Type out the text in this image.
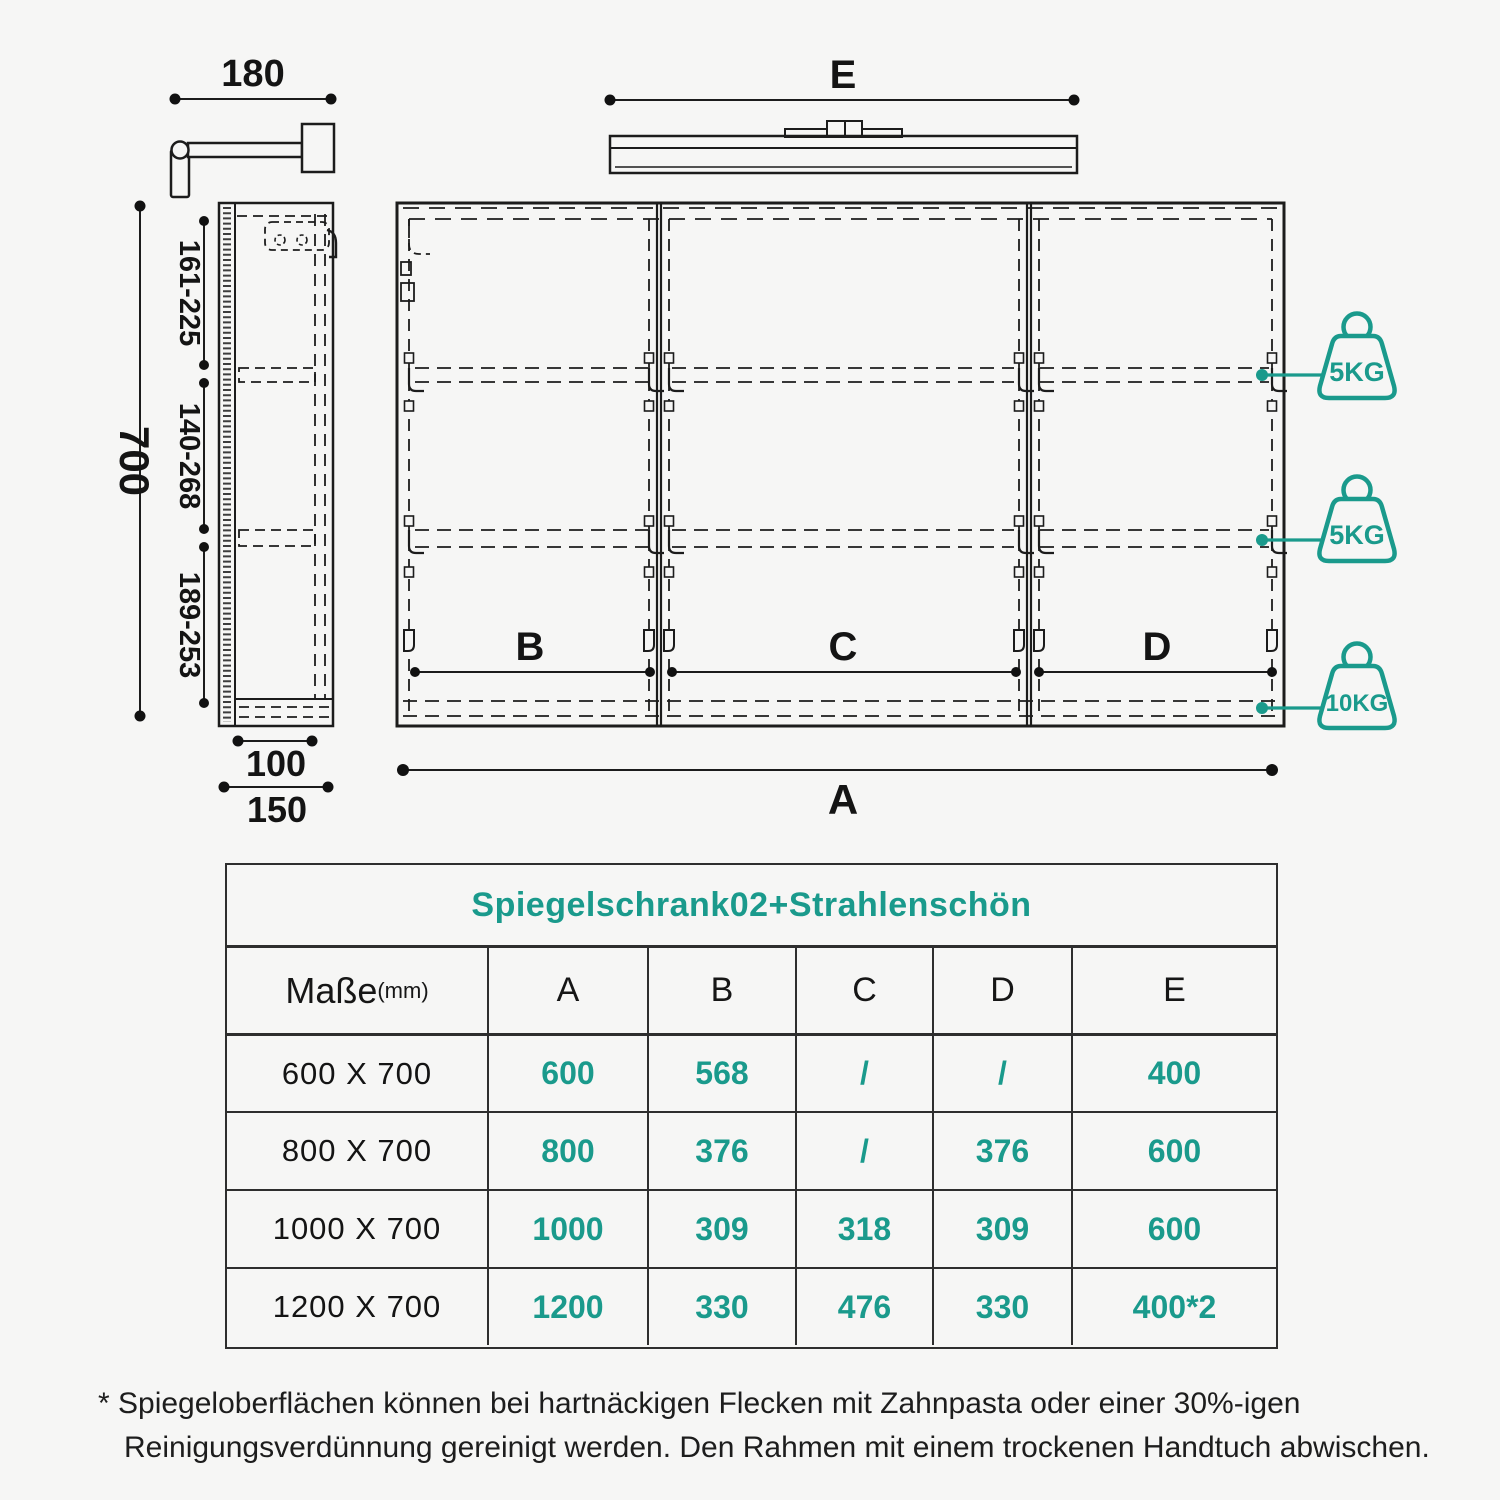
180
700
161-225
140-268
189-253
100
150
E
B	C	D
A
5KG
5KG
10KG
Spiegelschrank02+Strahlenschön
Maße (mm)	A	B	C	D	E
600 X 700	600	568	/	/	400
800 X 700	800	376	/	376	600
1000 X 700	1000	309	318	309	600
1200 X 700	1200	330	476	330	400*2
* Spiegeloberflächen können bei hartnäckigen Flecken mit Zahnpasta oder einer 30%-igen
Reinigungsverdünnung gereinigt werden. Den Rahmen mit einem trockenen Handtuch abwischen.
